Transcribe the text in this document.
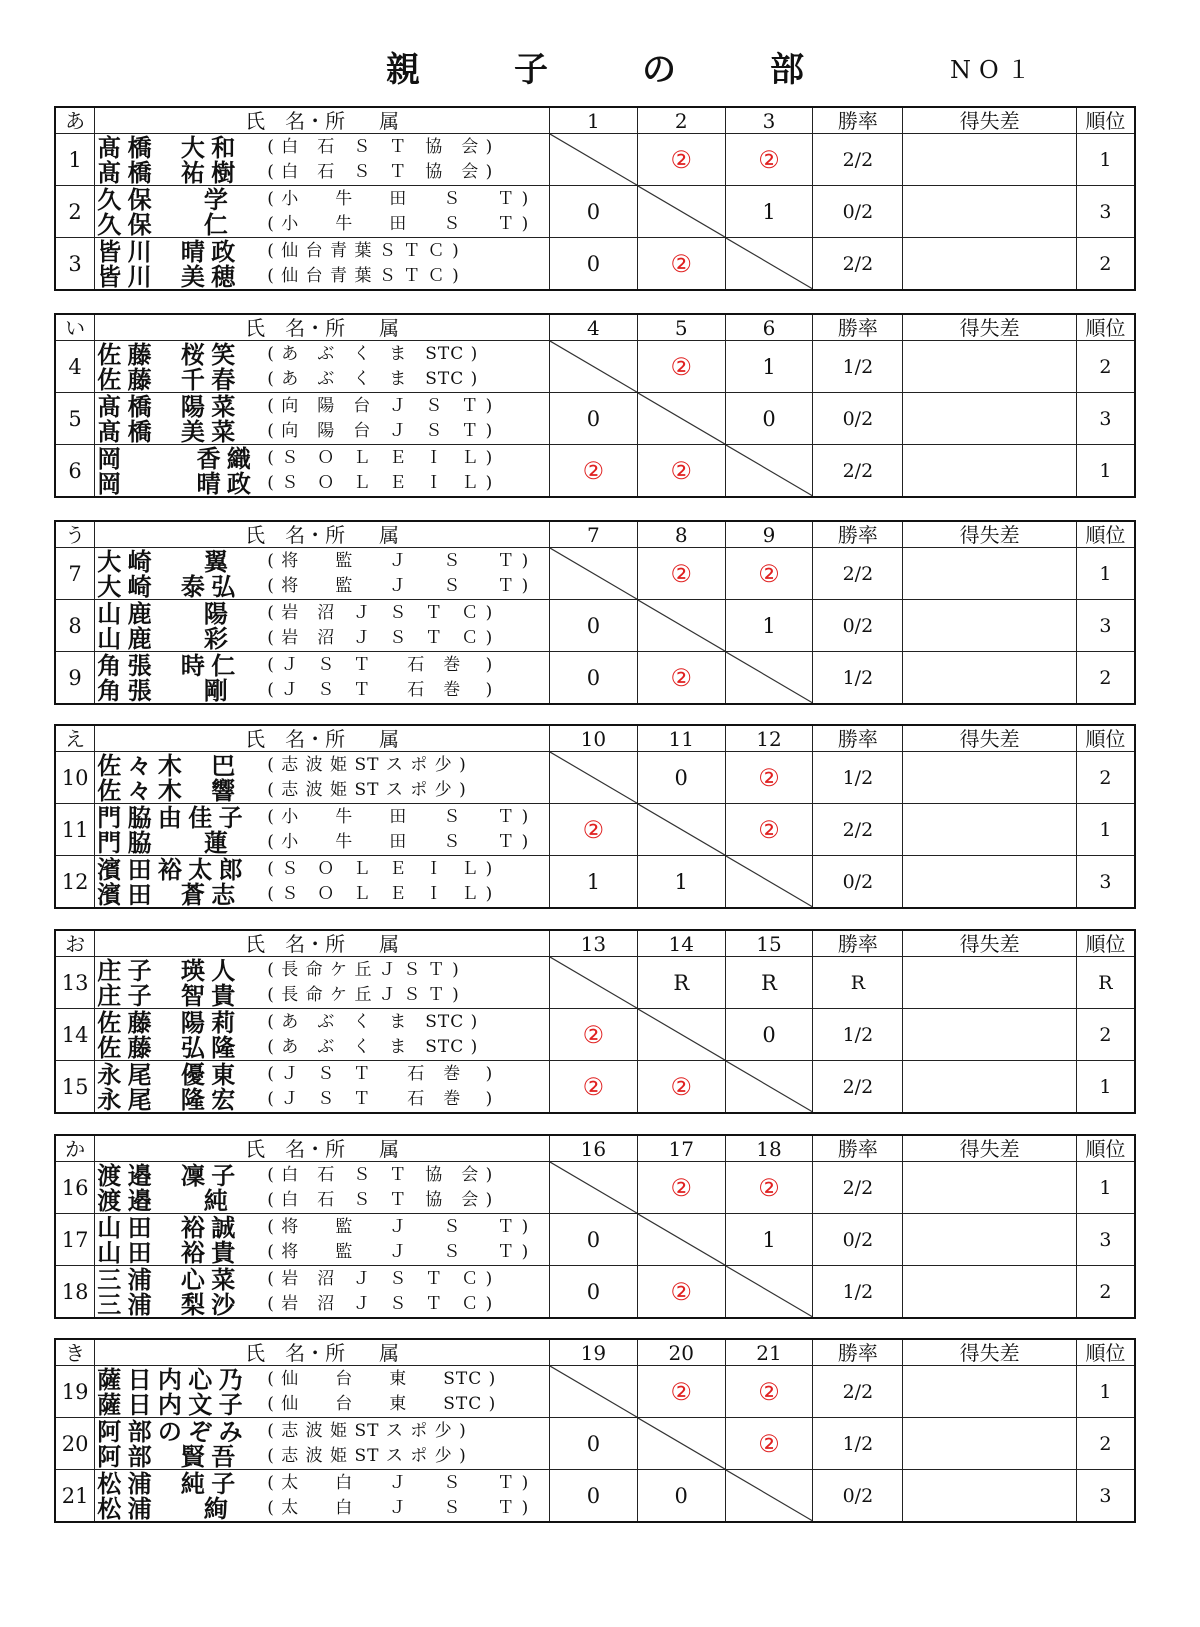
親　子　の　部	NO１
あ	氏　名・所 属	1	2	3	勝率	得失差	順位
1	髙 橋　 大 和 ( 白　石　Ｓ　Ｔ　協　会 )
髙 橋　 祐 樹 ( 白　石　Ｓ　Ｔ　協　会 )		②	②	2/2		1
2	久 保　　 学 ( 小　　牛　　田　　Ｓ　　Ｔ )
久 保　　 仁 ( 小　　牛　　田　　Ｓ　　Ｔ )	0		1	0/2		3
3	皆 川　 晴 政 ( 仙 台 青 葉 Ｓ Ｔ Ｃ )
皆 川　 美 穂 ( 仙 台 青 葉 Ｓ Ｔ Ｃ )	0	②		2/2		2
い	氏　名・所 属	4	5	6	勝率	得失差	順位
4	佐 藤　 桜 笑 ( あ　ぶ　く　ま　STC )
佐 藤　 千 春 ( あ　ぶ　く　ま　STC )		②	1	1/2		2
5	髙 橋　 陽 菜 ( 向　陽　台　Ｊ　Ｓ　Ｔ )
髙 橋　 美 菜 ( 向　陽　台　Ｊ　Ｓ　Ｔ )	0		0	0/2		3
6	岡　　　 香 織 ( Ｓ　Ｏ　Ｌ　Ｅ　Ｉ　Ｌ )
岡　　　 晴 政 ( Ｓ　Ｏ　Ｌ　Ｅ　Ｉ　Ｌ )	②	②		2/2		1
う	氏　名・所 属	7	8	9	勝率	得失差	順位
7	大 崎　　 翼 ( 将　　監　　Ｊ　　Ｓ　　Ｔ )
大 崎　 泰 弘 ( 将　　監　　Ｊ　　Ｓ　　Ｔ )		②	②	2/2		1
8	山 鹿　　 陽 ( 岩　沼　Ｊ　Ｓ　Ｔ　Ｃ )
山 鹿　　 彩 ( 岩　沼　Ｊ　Ｓ　Ｔ　Ｃ )	0		1	0/2		3
9	角 張　 時 仁 ( Ｊ　Ｓ　Ｔ　　石　巻　 )
角 張　　 剛 ( Ｊ　Ｓ　Ｔ　　石　巻　 )	0	②		1/2		2
え	氏　名・所 属	10	11	12	勝率	得失差	順位
10	佐 々 木　 巴 ( 志 波 姫 ST ス ポ 少 )
佐 々 木　 響 ( 志 波 姫 ST ス ポ 少 )		0	②	1/2		2
11	門 脇 由 佳 子 ( 小　　牛　　田　　Ｓ　　Ｔ )
門 脇　　 蓮 ( 小　　牛　　田　　Ｓ　　Ｔ )	②		②	2/2		1
12	濱 田 裕 太 郎 ( Ｓ　Ｏ　Ｌ　Ｅ　Ｉ　Ｌ )
濱 田　 蒼 志 ( Ｓ　Ｏ　Ｌ　Ｅ　Ｉ　Ｌ )	1	1		0/2		3
お	氏　名・所 属	13	14	15	勝率	得失差	順位
13	庄 子　 瑛 人 ( 長 命 ケ 丘 Ｊ Ｓ Ｔ )
庄 子　 智 貴 ( 長 命 ケ 丘 Ｊ Ｓ Ｔ )		R	R	R		R
14	佐 藤　 陽 莉 ( あ　ぶ　く　ま　STC )
佐 藤　 弘 隆 ( あ　ぶ　く　ま　STC )	②		0	1/2		2
15	永 尾　 優 東 ( Ｊ　Ｓ　Ｔ　　石　巻　 )
永 尾　 隆 宏 ( Ｊ　Ｓ　Ｔ　　石　巻　 )	②	②		2/2		1
か	氏　名・所 属	16	17	18	勝率	得失差	順位
16	渡 邉　 凜 子 ( 白　石　Ｓ　Ｔ　協　会 )
渡 邉　　 純 ( 白　石　Ｓ　Ｔ　協　会 )		②	②	2/2		1
17	山 田　 裕 誠 ( 将　　監　　Ｊ　　Ｓ　　Ｔ )
山 田　 裕 貴 ( 将　　監　　Ｊ　　Ｓ　　Ｔ )	0		1	0/2		3
18	三 浦　 心 菜 ( 岩　沼　Ｊ　Ｓ　Ｔ　Ｃ )
三 浦　 梨 沙 ( 岩　沼　Ｊ　Ｓ　Ｔ　Ｃ )	0	②		1/2		2
き	氏　名・所 属	19	20	21	勝率	得失差	順位
19	薩 日 内 心 乃 ( 仙　　台　　東　　STC )
薩 日 内 文 子 ( 仙　　台　　東　　STC )		②	②	2/2		1
20	阿 部 の ぞ み ( 志 波 姫 ST ス ポ 少 )
阿 部　 賢 吾 ( 志 波 姫 ST ス ポ 少 )	0		②	1/2		2
21	松 浦　 純 子 ( 太　　白　　Ｊ　　Ｓ　　Ｔ )
松 浦　　 絢 ( 太　　白　　Ｊ　　Ｓ　　Ｔ )	0	0		0/2		3
